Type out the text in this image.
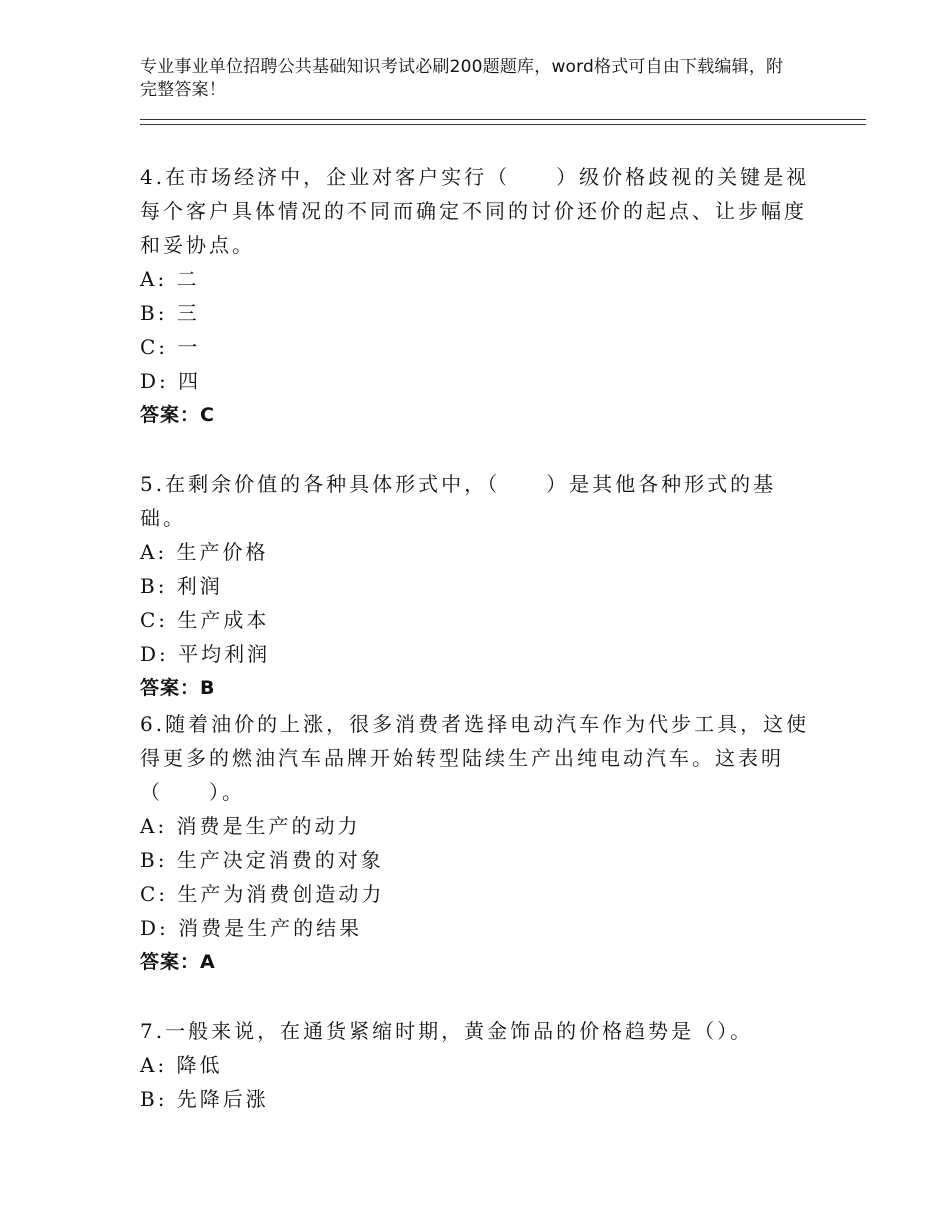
专业事业单位招聘公共基础知识考试必刷200题题库，word格式可自由下载编辑，附完整答案！

4.在市场经济中，企业对客户实行（　　）级价格歧视的关键是视每个客户具体情况的不同而确定不同的讨价还价的起点、让步幅度和妥协点。

A: 二

B: 三

C: 一

D: 四

答案：C

5.在剩余价值的各种具体形式中，（　　）是其他各种形式的基础。

A: 生产价格

B: 利润

C: 生产成本

D: 平均利润

答案：B

6.随着油价的上涨，很多消费者选择电动汽车作为代步工具，这使得更多的燃油汽车品牌开始转型陆续生产出纯电动汽车。这表明（　　）。

A: 消费是生产的动力

B: 生产决定消费的对象

C: 生产为消费创造动力

D: 消费是生产的结果

答案：A

7.一般来说，在通货紧缩时期，黄金饰品的价格趋势是（）。

A: 降低

B: 先降后涨
